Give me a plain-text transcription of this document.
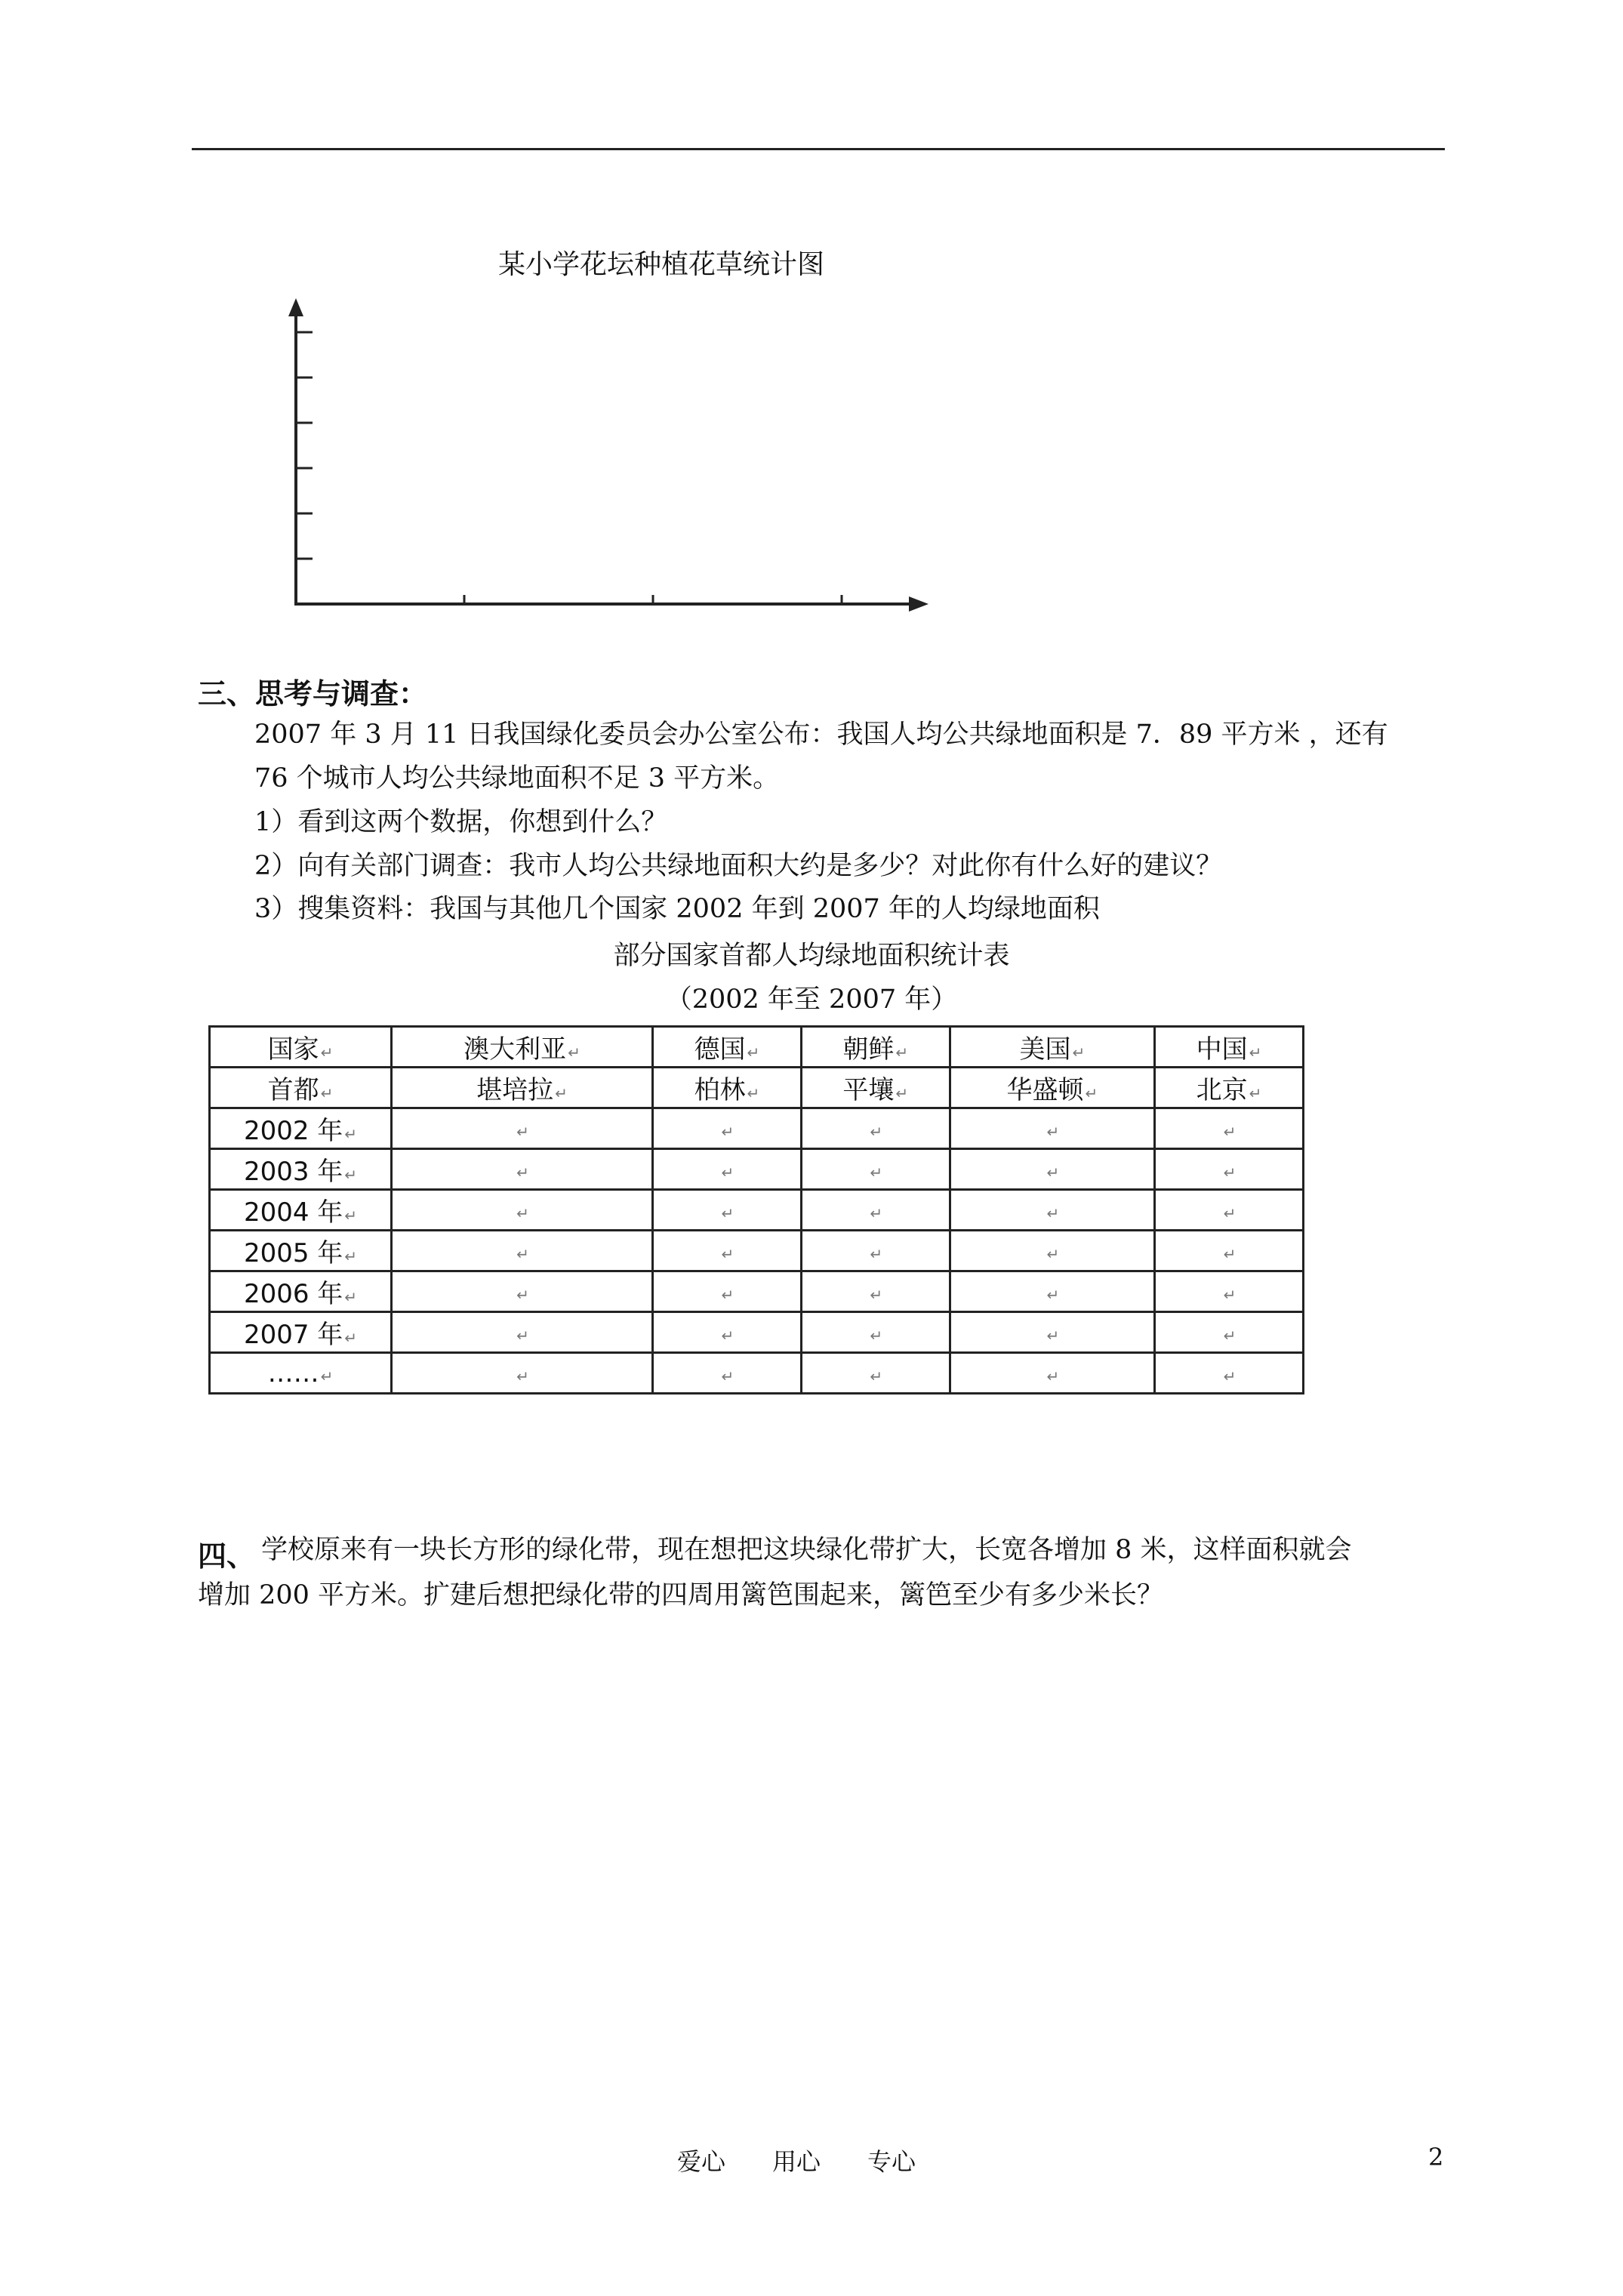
某小学花坛种植花草统计图
三、思考与调查：
2007 年 3 月 11 日我国绿化委员会办公室公布：我国人均公共绿地面积是 7．89 平方米 ，还有
76 个城市人均公共绿地面积不足 3 平方米。
1）看到这两个数据，你想到什么？
2）向有关部门调查：我市人均公共绿地面积大约是多少？对此你有什么好的建议？
3）搜集资料：我国与其他几个国家 2002 年到 2007 年的人均绿地面积
部分国家首都人均绿地面积统计表
（2002 年至 2007 年）
国家 ↵	澳大利亚 ↵	德国 ↵	朝鲜 ↵	美国 ↵	中国 ↵
首都 ↵	堪培拉 ↵	柏林 ↵	平壤 ↵	华盛顿 ↵	北京 ↵
2002 年 ↵	↵	↵	↵	↵	↵
2003 年 ↵	↵	↵	↵	↵	↵
2004 年 ↵	↵	↵	↵	↵	↵
2005 年 ↵	↵	↵	↵	↵	↵
2006 年 ↵	↵	↵	↵	↵	↵
2007 年 ↵	↵	↵	↵	↵	↵
…… ↵	↵	↵	↵	↵	↵
四、 学校原来有一块长方形的绿化带，现在想把这块绿化带扩大，长宽各增加 8 米，这样面积就会
增加 200 平方米。扩建后想把绿化带的四周用篱笆围起来，篱笆至少有多少米长？
爱心 用心 专心	2
